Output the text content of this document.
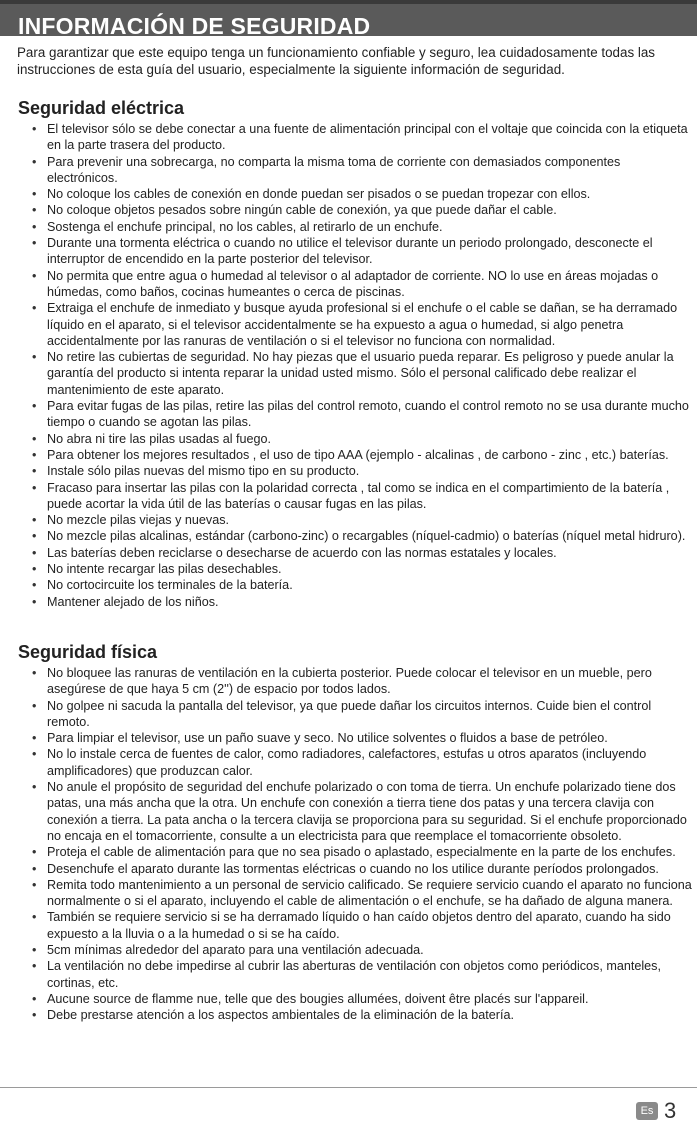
INFORMACIÓN DE SEGURIDAD

Para garantizar que este equipo tenga un funcionamiento confiable y seguro, lea cuidadosamente todas las instrucciones de esta guía del usuario, especialmente la siguiente información de seguridad.

Seguridad eléctrica
• El televisor sólo se debe conectar a una fuente de alimentación principal con el voltaje que coincida con la etiqueta en la parte trasera del producto.
• Para prevenir una sobrecarga, no comparta la misma toma de corriente con demasiados componentes electrónicos.
• No coloque los cables de conexión en donde puedan ser pisados o se puedan tropezar con ellos.
• No coloque objetos pesados sobre ningún cable de conexión, ya que puede dañar el cable.
• Sostenga el enchufe principal, no los cables, al retirarlo de un enchufe.
• Durante una tormenta eléctrica o cuando no utilice el televisor durante un periodo prolongado, desconecte el interruptor de encendido en la parte posterior del televisor.
• No permita que entre agua o humedad al televisor o al adaptador de corriente. NO lo use en áreas mojadas o húmedas, como baños, cocinas humeantes o cerca de piscinas.
• Extraiga el enchufe de inmediato y busque ayuda profesional si el enchufe o el cable se dañan, se ha derramado líquido en el aparato, si el televisor accidentalmente se ha expuesto a agua o humedad, si algo penetra accidentalmente por las ranuras de ventilación o si el televisor no funciona con normalidad.
• No retire las cubiertas de seguridad. No hay piezas que el usuario pueda reparar. Es peligroso y puede anular la garantía del producto si intenta reparar la unidad usted mismo. Sólo el personal calificado debe realizar el mantenimiento de este aparato.
• Para evitar fugas de las pilas, retire las pilas del control remoto, cuando el control remoto no se usa durante mucho tiempo o cuando se agotan las pilas.
• No abra ni tire las pilas usadas al fuego.
• Para obtener los mejores resultados , el uso de tipo AAA (ejemplo - alcalinas , de carbono - zinc , etc.) baterías.
• Instale sólo pilas nuevas del mismo tipo en su producto.
• Fracaso para insertar las pilas con la polaridad correcta , tal como se indica en el compartimiento de la batería , puede acortar la vida útil de las baterías o causar fugas en las pilas.
• No mezcle pilas viejas y nuevas.
• No mezcle pilas alcalinas, estándar (carbono-zinc) o recargables (níquel-cadmio) o baterías (níquel metal hidruro).
• Las baterías deben reciclarse o desecharse de acuerdo con las normas estatales y locales.
• No intente recargar las pilas desechables.
• No cortocircuite los terminales de la batería.
• Mantener alejado de los niños.
Seguridad física
• No bloquee las ranuras de ventilación en la cubierta posterior. Puede colocar el televisor en un mueble, pero asegúrese de que haya 5 cm (2'') de espacio por todos lados.
• No golpee ni sacuda la pantalla del televisor, ya que puede dañar los circuitos internos. Cuide bien el control remoto.
• Para limpiar el televisor, use un paño suave y seco. No utilice solventes o fluidos a base de petróleo.
• No lo instale cerca de fuentes de calor, como radiadores, calefactores, estufas u otros aparatos (incluyendo amplificadores) que produzcan calor.
• No anule el propósito de seguridad del enchufe polarizado o con toma de tierra. Un enchufe polarizado tiene dos patas, una más ancha que la otra. Un enchufe con conexión a tierra tiene dos patas y una tercera clavija con conexión a tierra. La pata ancha o la tercera clavija se proporciona para su seguridad. Si el enchufe proporcionado no encaja en el tomacorriente, consulte a un electricista para que reemplace el tomacorriente obsoleto.
• Proteja el cable de alimentación para que no sea pisado o aplastado, especialmente en la parte de los enchufes.
• Desenchufe el aparato durante las tormentas eléctricas o cuando no los utilice durante períodos prolongados.
• Remita todo mantenimiento a un personal de servicio calificado. Se requiere servicio cuando el aparato no funciona normalmente o si el aparato, incluyendo el cable de alimentación o el enchufe, se ha dañado de alguna manera.
• También se requiere servicio si se ha derramado líquido o han caído objetos dentro del aparato, cuando ha sido expuesto a la lluvia o a la humedad o si se ha caído.
• 5cm mínimas alrededor del aparato para una ventilación adecuada.
• La ventilación no debe impedirse al cubrir las aberturas de ventilación con objetos como periódicos, manteles, cortinas, etc.
• Aucune source de flamme nue, telle que des bougies allumées, doivent être placés sur l'appareil.
• Debe prestarse atención a los aspectos ambientales de la eliminación de la batería.
Es 3
